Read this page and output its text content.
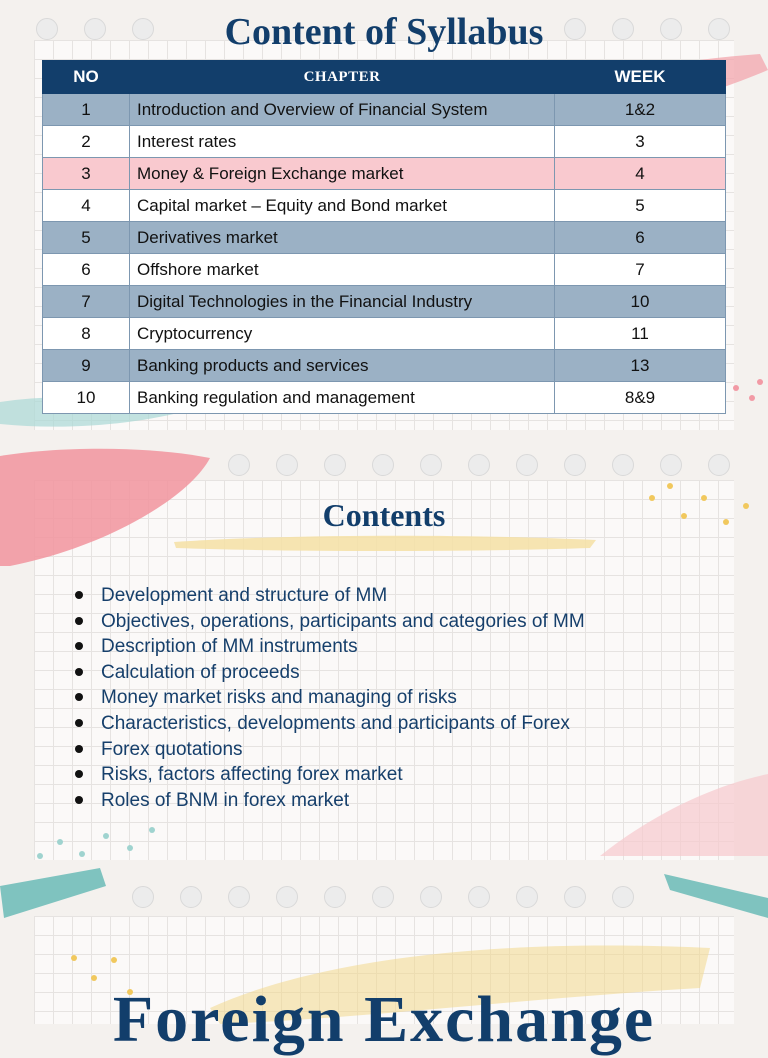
Content of Syllabus
NO	CHAPTER	WEEK
1	Introduction and Overview of Financial System	1&2
2	Interest rates	3
3	Money & Foreign Exchange market	4
4	Capital market – Equity and Bond market	5
5	Derivatives market	6
6	Offshore market	7
7	Digital Technologies in the Financial Industry	10
8	Cryptocurrency	11
9	Banking products and services	13
10	Banking regulation and management	8&9
Contents
Development and structure of MM
Objectives, operations, participants and categories of MM
Description of MM instruments
Calculation of proceeds
Money market risks and managing of risks
Characteristics, developments and participants of Forex
Forex quotations
Risks, factors affecting forex market
Roles of BNM in forex market
Foreign Exchange
